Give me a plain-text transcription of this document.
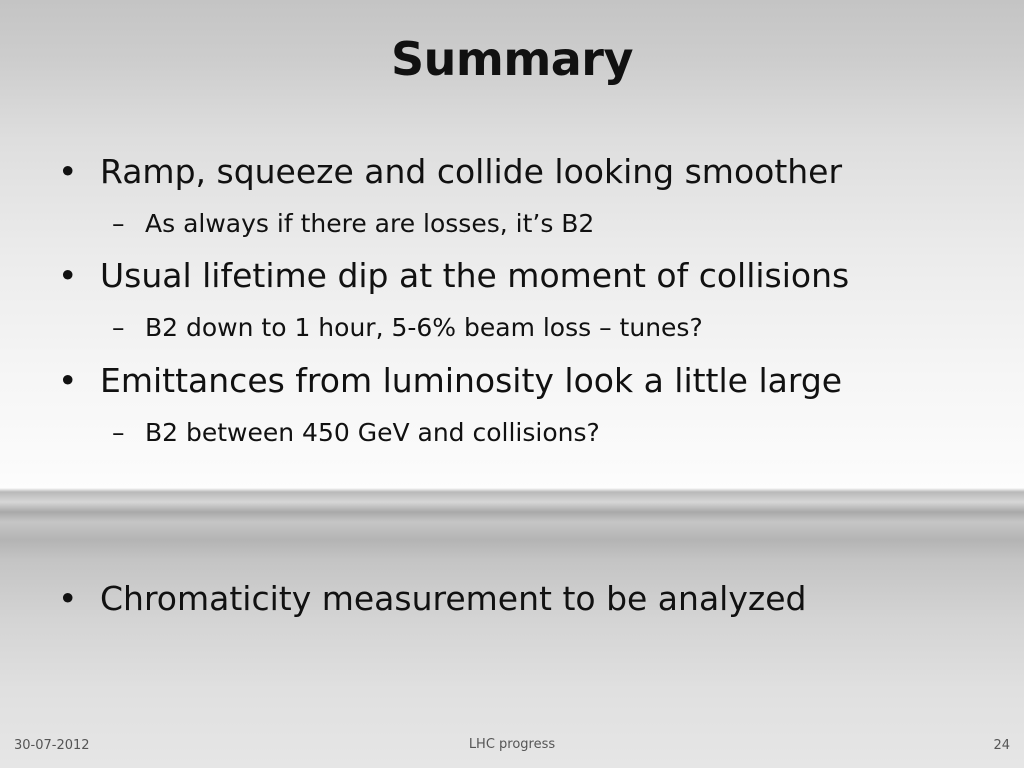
Summary
• Ramp, squeeze and collide looking smoother
– As always if there are losses, it’s B2
• Usual lifetime dip at the moment of collisions
– B2 down to 1 hour, 5-6% beam loss – tunes?
• Emittances from luminosity look a little large
– B2 between 450 GeV and collisions?
• Chromaticity measurement to be analyzed
30-07-2012	LHC progress	24
